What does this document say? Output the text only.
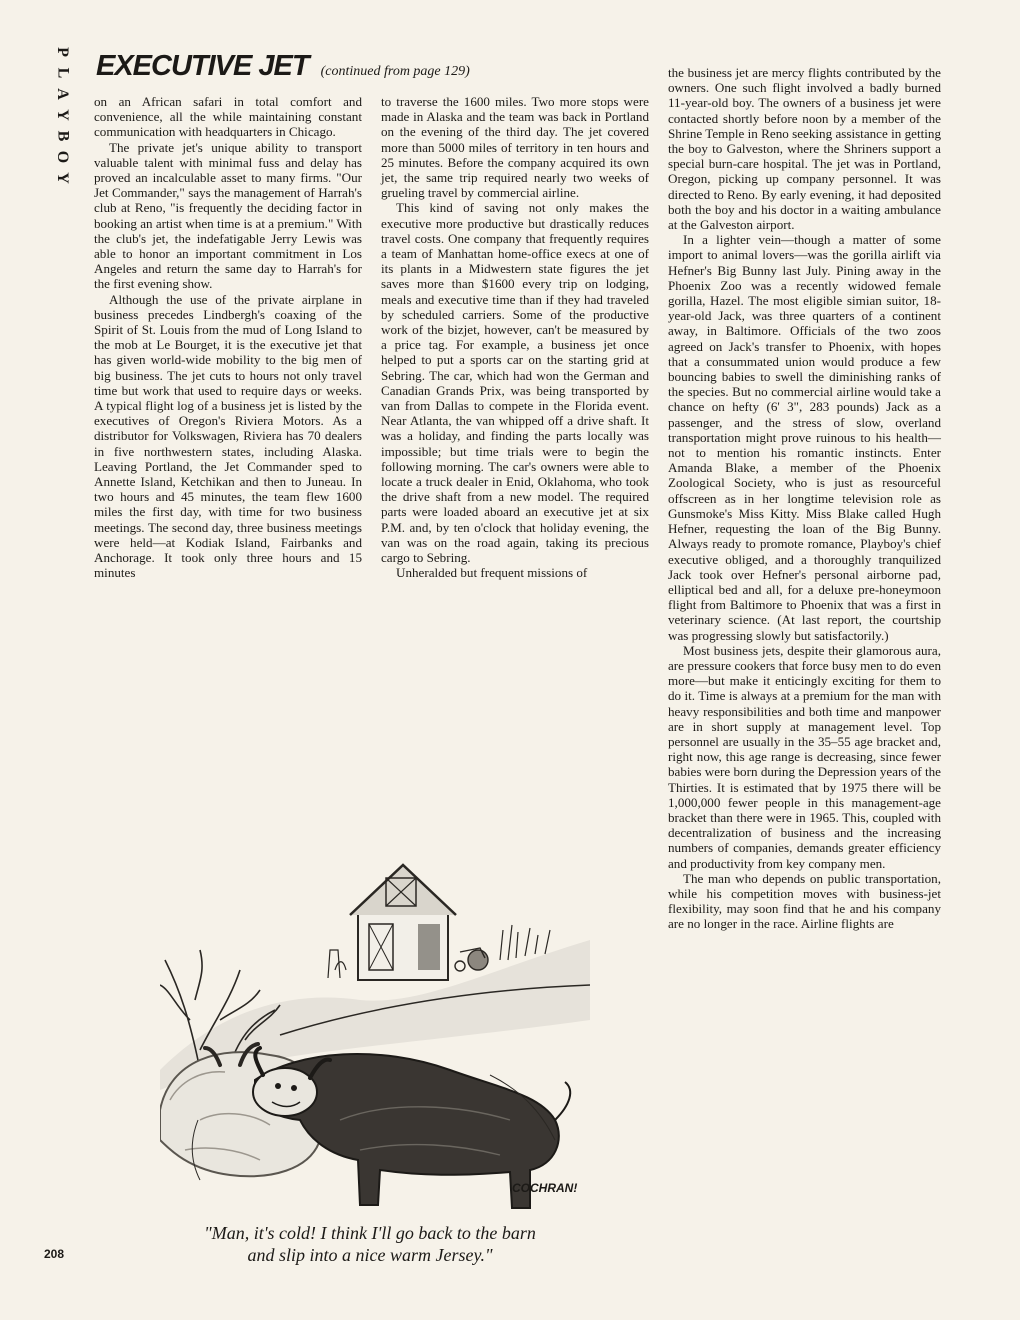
P
L
A
Y
B
O
Y
EXECUTIVE JET (continued from page 129)

on an African safari in total comfort and convenience, all the while maintaining constant communication with headquarters in Chicago.

The private jet's unique ability to transport valuable talent with minimal fuss and delay has proved an incalculable asset to many firms. "Our Jet Commander," says the management of Harrah's club at Reno, "is frequently the deciding factor in booking an artist when time is at a premium." With the club's jet, the indefatigable Jerry Lewis was able to honor an important commitment in Los Angeles and return the same day to Harrah's for the first evening show.

Although the use of the private airplane in business precedes Lindbergh's coaxing of the Spirit of St. Louis from the mud of Long Island to the mob at Le Bourget, it is the executive jet that has given world-wide mobility to the big men of big business. The jet cuts to hours not only travel time but work that used to require days or weeks. A typical flight log of a business jet is listed by the executives of Oregon's Riviera Motors. As a distributor for Volkswagen, Riviera has 70 dealers in five northwestern states, including Alaska. Leaving Portland, the Jet Commander sped to Annette Island, Ketchikan and then to Juneau. In two hours and 45 minutes, the team flew 1600 miles the first day, with time for two business meetings. The second day, three business meetings were held—at Kodiak Island, Fairbanks and Anchorage. It took only three hours and 15 minutes

to traverse the 1600 miles. Two more stops were made in Alaska and the team was back in Portland on the evening of the third day. The jet covered more than 5000 miles of territory in ten hours and 25 minutes. Before the company acquired its own jet, the same trip required nearly two weeks of grueling travel by commercial airline.

This kind of saving not only makes the executive more productive but drastically reduces travel costs. One company that frequently requires a team of Manhattan home-office execs at one of its plants in a Midwestern state figures the jet saves more than $1600 every trip on lodging, meals and executive time than if they had traveled by scheduled carriers. Some of the productive work of the bizjet, however, can't be measured by a price tag. For example, a business jet once helped to put a sports car on the starting grid at Sebring. The car, which had won the German and Canadian Grands Prix, was being transported by van from Dallas to compete in the Florida event. Near Atlanta, the van whipped off a drive shaft. It was a holiday, and finding the parts locally was impossible; but time trials were to begin the following morning. The car's owners were able to locate a truck dealer in Enid, Oklahoma, who took the drive shaft from a new model. The required parts were loaded aboard an executive jet at six P.M. and, by ten o'clock that holiday evening, the van was on the road again, taking its precious cargo to Sebring.

Unheralded but frequent missions of

the business jet are mercy flights contributed by the owners. One such flight involved a badly burned 11-year-old boy. The owners of a business jet were contacted shortly before noon by a member of the Shrine Temple in Reno seeking assistance in getting the boy to Galveston, where the Shriners support a special burn-care hospital. The jet was in Portland, Oregon, picking up company personnel. It was directed to Reno. By early evening, it had deposited both the boy and his doctor in a waiting ambulance at the Galveston airport.

In a lighter vein—though a matter of some import to animal lovers—was the gorilla airlift via Hefner's Big Bunny last July. Pining away in the Phoenix Zoo was a recently widowed female gorilla, Hazel. The most eligible simian suitor, 18-year-old Jack, was three quarters of a continent away, in Baltimore. Officials of the two zoos agreed on Jack's transfer to Phoenix, with hopes that a consummated union would produce a few bouncing babies to swell the diminishing ranks of the species. But no commercial airline would take a chance on hefty (6' 3", 283 pounds) Jack as a passenger, and the stress of slow, overland transportation might prove ruinous to his health—not to mention his romantic instincts. Enter Amanda Blake, a member of the Phoenix Zoological Society, who is just as resourceful offscreen as in her longtime television role as Gunsmoke's Miss Kitty. Miss Blake called Hugh Hefner, requesting the loan of the Big Bunny. Always ready to promote romance, Playboy's chief executive obliged, and a thoroughly tranquilized Jack took over Hefner's personal airborne pad, elliptical bed and all, for a deluxe pre-honeymoon flight from Baltimore to Phoenix that was a first in veterinary science. (At last report, the courtship was progressing slowly but satisfactorily.)

Most business jets, despite their glamorous aura, are pressure cookers that force busy men to do even more—but make it enticingly exciting for them to do it. Time is always at a premium for the man with heavy responsibilities and both time and manpower are in short supply at management level. Top personnel are usually in the 35–55 age bracket and, right now, this age range is decreasing, since fewer babies were born during the Depression years of the Thirties. It is estimated that by 1975 there will be 1,000,000 fewer people in this management-age bracket than there were in 1965. This, coupled with decentralization of business and the increasing numbers of companies, demands greater efficiency and productivity from key company men.

The man who depends on public transportation, while his competition moves with business-jet flexibility, may soon find that he and his company are no longer in the race. Airline flights are

COCHRAN!
"Man, it's cold! I think I'll go back to the barn
and slip into a nice warm Jersey."
208
